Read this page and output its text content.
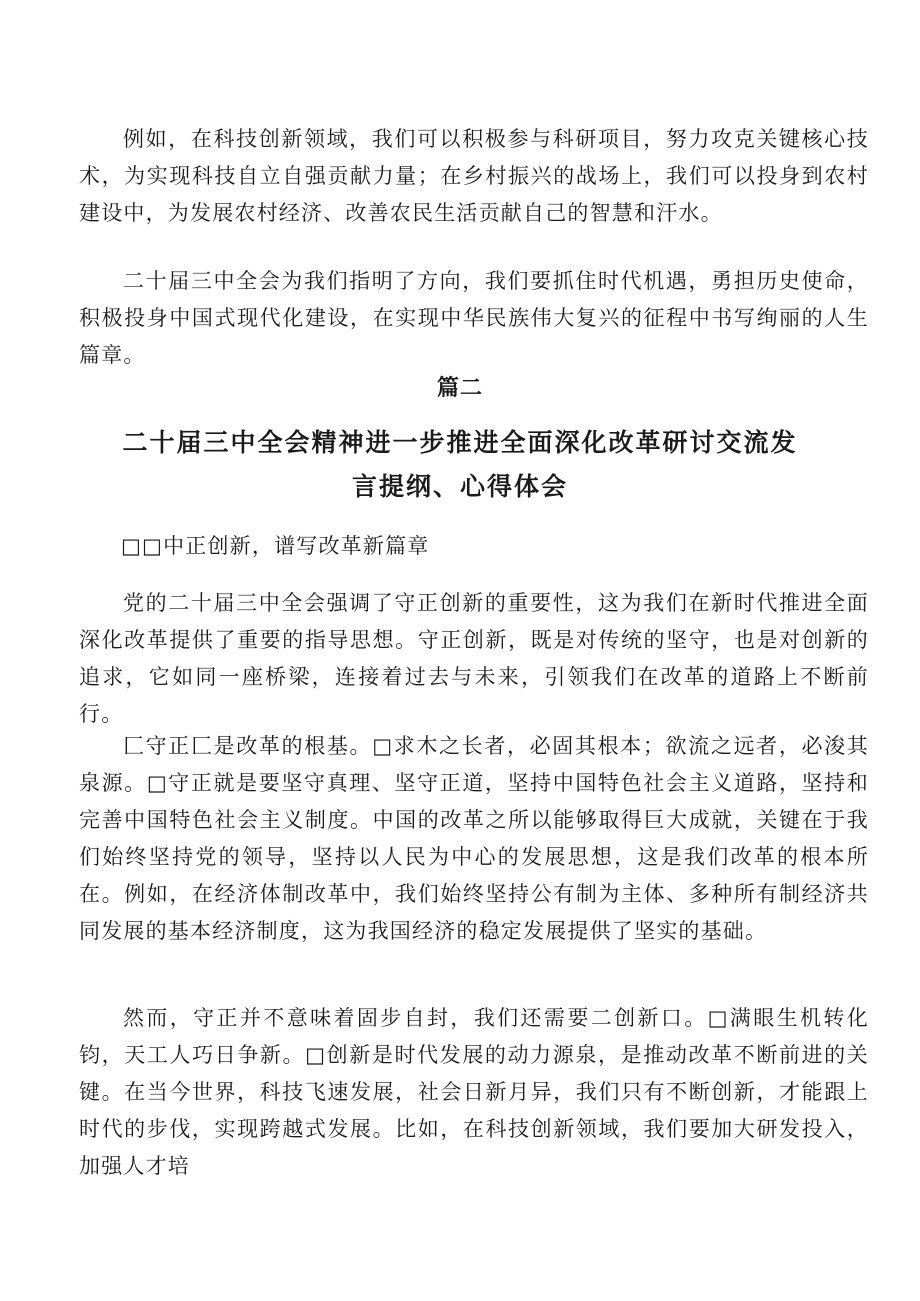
例如，在科技创新领域，我们可以积极参与科研项目，努力攻克关键核心技术，为实现科技自立自强贡献力量；在乡村振兴的战场上，我们可以投身到农村建设中，为发展农村经济、改善农民生活贡献自己的智慧和汗水。

二十届三中全会为我们指明了方向，我们要抓住时代机遇，勇担历史使命，积极投身中国式现代化建设，在实现中华民族伟大复兴的征程中书写绚丽的人生篇章。

篇二
二十届三中全会精神进一步推进全面深化改革研讨交流发言提纲、心得体会

□□中正创新，谱写改革新篇章

党的二十届三中全会强调了守正创新的重要性，这为我们在新时代推进全面深化改革提供了重要的指导思想。守正创新，既是对传统的坚守，也是对创新的追求，它如同一座桥梁，连接着过去与未来，引领我们在改革的道路上不断前行。

匚守正匚是改革的根基。□求木之长者，必固其根本；欲流之远者，必浚其泉源。□守正就是要坚守真理、坚守正道，坚持中国特色社会主义道路，坚持和完善中国特色社会主义制度。中国的改革之所以能够取得巨大成就，关键在于我们始终坚持党的领导，坚持以人民为中心的发展思想，这是我们改革的根本所在。例如，在经济体制改革中，我们始终坚持公有制为主体、多种所有制经济共同发展的基本经济制度，这为我国经济的稳定发展提供了坚实的基础。

然而，守正并不意味着固步自封，我们还需要二创新口。□满眼生机转化钧，天工人巧日争新。□创新是时代发展的动力源泉，是推动改革不断前进的关键。在当今世界，科技飞速发展，社会日新月异，我们只有不断创新，才能跟上时代的步伐，实现跨越式发展。比如，在科技创新领域，我们要加大研发投入，加强人才培
